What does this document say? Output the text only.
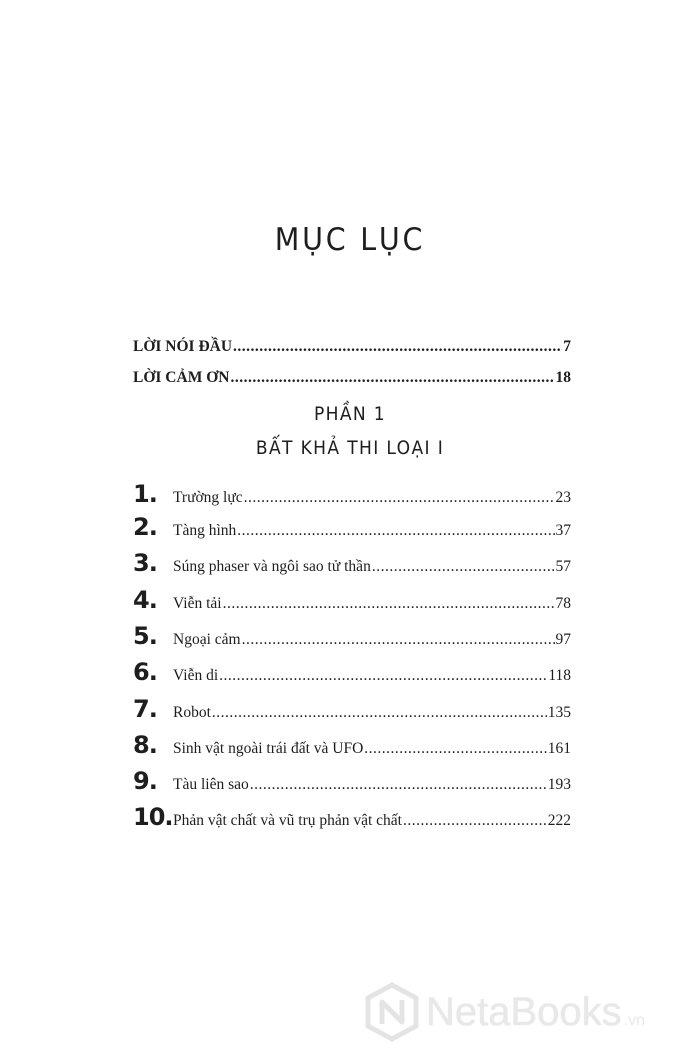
MỤC LỤC
LỜI NÓI ĐẦU .....	7
LỜI CẢM ƠN .....	18
PHẦN 1
BẤT KHẢ THI LOẠI I
1.	Trường lực .....	23
2.	Tàng hình .....	37
3.	Súng phaser và ngôi sao tử thần .....	57
4.	Viễn tải .....	78
5.	Ngoại cảm .....	97
6.	Viễn di .....	118
7.	Robot .....	135
8.	Sinh vật ngoài trái đất và UFO .....	161
9.	Tàu liên sao .....	193
10. Phản vật chất và vũ trụ phản vật chất .....	222
NetaBooks .vn
